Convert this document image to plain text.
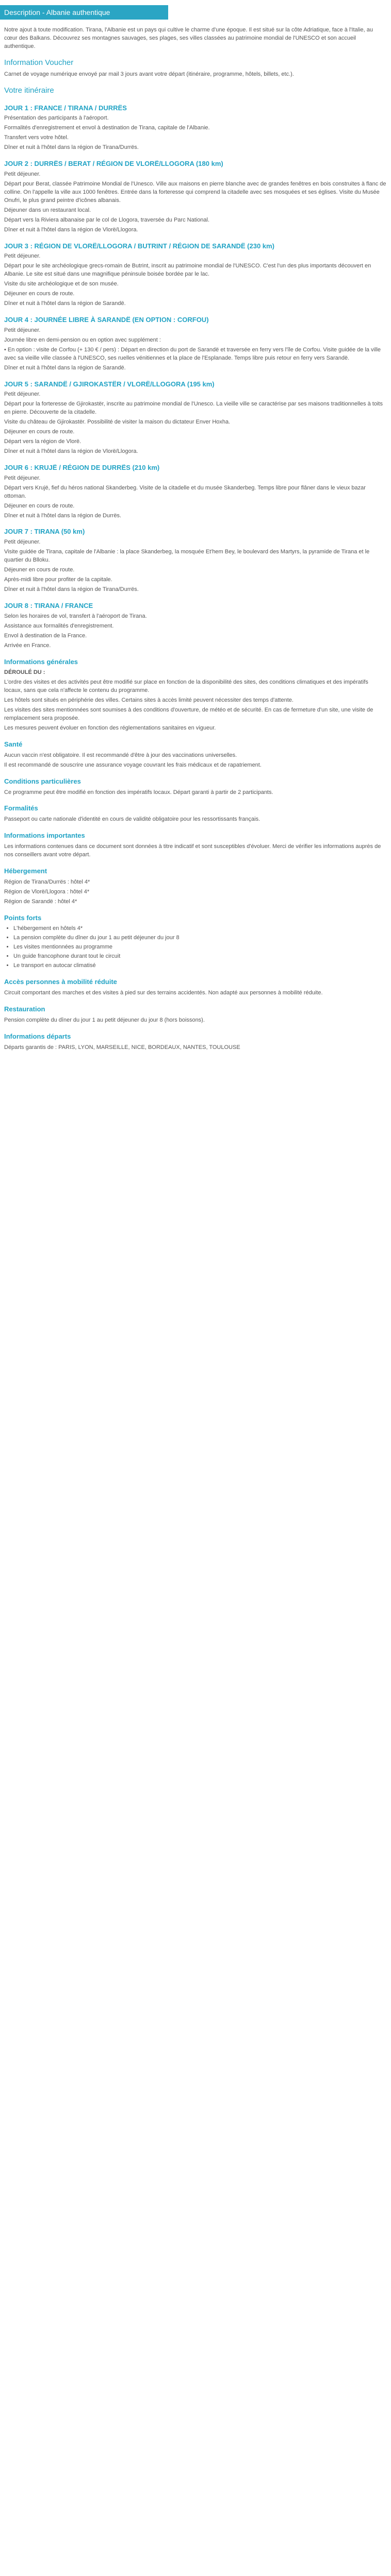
Description - Albanie authentique

Notre ajout à toute modification. Tirana, l'Albanie est un pays qui cultive le charme d'une époque. Il est situé sur la côte Adriatique, face à l'Italie, au cœur des Balkans. Découvrez ses montagnes sauvages, ses plages, ses villes classées au patrimoine mondial de l'UNESCO et son accueil authentique.

Information Voucher

Carnet de voyage numérique envoyé par mail 3 jours avant votre départ (itinéraire, programme, hôtels, billets, etc.).

Votre itinéraire
JOUR 1 : FRANCE / TIRANA / DURRËS

Présentation des participants à l'aéroport.

Formalités d'enregistrement et envol à destination de Tirana, capitale de l'Albanie.

Transfert vers votre hôtel.

Dîner et nuit à l'hôtel dans la région de Tirana/Durrës.

JOUR 2 : DURRËS / BERAT / RÉGION DE VLORË/LLOGORA (180 km)

Petit déjeuner.

Départ pour Berat, classée Patrimoine Mondial de l'Unesco. Ville aux maisons en pierre blanche avec de grandes fenêtres en bois construites à flanc de colline. On l'appelle la ville aux 1000 fenêtres. Entrée dans la forteresse qui comprend la citadelle avec ses mosquées et ses églises. Visite du Musée Onufri, le plus grand peintre d'icônes albanais.

Déjeuner dans un restaurant local.

Départ vers la Riviera albanaise par le col de Llogora, traversée du Parc National.

Dîner et nuit à l'hôtel dans la région de Vlorë/Llogora.

JOUR 3 : RÉGION DE VLORË/LLOGORA / BUTRINT / RÉGION DE SARANDË (230 km)

Petit déjeuner.

Départ pour le site archéologique grecs-romain de Butrint, inscrit au patrimoine mondial de l'UNESCO. C'est l'un des plus importants découvert en Albanie. Le site est situé dans une magnifique péninsule boisée bordée par le lac.

Visite du site archéologique et de son musée.

Déjeuner en cours de route.

Dîner et nuit à l'hôtel dans la région de Sarandë.

JOUR 4 : JOURNÉE LIBRE À SARANDË (EN OPTION : CORFOU)

Petit déjeuner.

Journée libre en demi-pension ou en option avec supplément :

• En option : visite de Corfou (+ 130 € / pers) : Départ en direction du port de Sarandë et traversée en ferry vers l'île de Corfou. Visite guidée de la ville avec sa vieille ville classée à l'UNESCO, ses ruelles vénitiennes et la place de l'Esplanade. Temps libre puis retour en ferry vers Sarandë.

Dîner et nuit à l'hôtel dans la région de Sarandë.

JOUR 5 : SARANDË / GJIROKASTËR / VLORË/LLOGORA (195 km)

Petit déjeuner.

Départ pour la forteresse de Gjirokastër, inscrite au patrimoine mondial de l'Unesco. La vieille ville se caractérise par ses maisons traditionnelles à toits en pierre. Découverte de la citadelle.

Visite du château de Gjirokastër. Possibilité de visiter la maison du dictateur Enver Hoxha.

Déjeuner en cours de route.

Départ vers la région de Vlorë.

Dîner et nuit à l'hôtel dans la région de Vlorë/Llogora.

JOUR 6 : KRUJË / RÉGION DE DURRËS (210 km)

Petit déjeuner.

Départ vers Krujë, fief du héros national Skanderbeg. Visite de la citadelle et du musée Skanderbeg. Temps libre pour flâner dans le vieux bazar ottoman.

Déjeuner en cours de route.

Dîner et nuit à l'hôtel dans la région de Durrës.

JOUR 7 : TIRANA (50 km)

Petit déjeuner.

Visite guidée de Tirana, capitale de l'Albanie : la place Skanderbeg, la mosquée Et'hem Bey, le boulevard des Martyrs, la pyramide de Tirana et le quartier du Blloku.

Déjeuner en cours de route.

Après-midi libre pour profiter de la capitale.

Dîner et nuit à l'hôtel dans la région de Tirana/Durrës.

JOUR 8 : TIRANA / FRANCE

Selon les horaires de vol, transfert à l'aéroport de Tirana.

Assistance aux formalités d'enregistrement.

Envol à destination de la France.

Arrivée en France.

Informations générales

DÉROULÉ DU :

L'ordre des visites et des activités peut être modifié sur place en fonction de la disponibilité des sites, des conditions climatiques et des impératifs locaux, sans que cela n'affecte le contenu du programme.

Les hôtels sont situés en périphérie des villes. Certains sites à accès limité peuvent nécessiter des temps d'attente.

Les visites des sites mentionnées sont soumises à des conditions d'ouverture, de météo et de sécurité. En cas de fermeture d'un site, une visite de remplacement sera proposée.

Les mesures peuvent évoluer en fonction des réglementations sanitaires en vigueur.

Santé

Aucun vaccin n'est obligatoire. Il est recommandé d'être à jour des vaccinations universelles.

Il est recommandé de souscrire une assurance voyage couvrant les frais médicaux et de rapatriement.

Conditions particulières

Ce programme peut être modifié en fonction des impératifs locaux. Départ garanti à partir de 2 participants.

Formalités

Passeport ou carte nationale d'identité en cours de validité obligatoire pour les ressortissants français.

Informations importantes

Les informations contenues dans ce document sont données à titre indicatif et sont susceptibles d'évoluer. Merci de vérifier les informations auprès de nos conseillers avant votre départ.

Hébergement

Région de Tirana/Durrës : hôtel 4*

Région de Vlorë/Llogora : hôtel 4*

Région de Sarandë : hôtel 4*

Points forts
• L'hébergement en hôtels 4*
• La pension complète du dîner du jour 1 au petit déjeuner du jour 8
• Les visites mentionnées au programme
• Un guide francophone durant tout le circuit
• Le transport en autocar climatisé
Accès personnes à mobilité réduite

Circuit comportant des marches et des visites à pied sur des terrains accidentés. Non adapté aux personnes à mobilité réduite.

Restauration

Pension complète du dîner du jour 1 au petit déjeuner du jour 8 (hors boissons).

Informations départs

Départs garantis de : PARIS, LYON, MARSEILLE, NICE, BORDEAUX, NANTES, TOULOUSE
